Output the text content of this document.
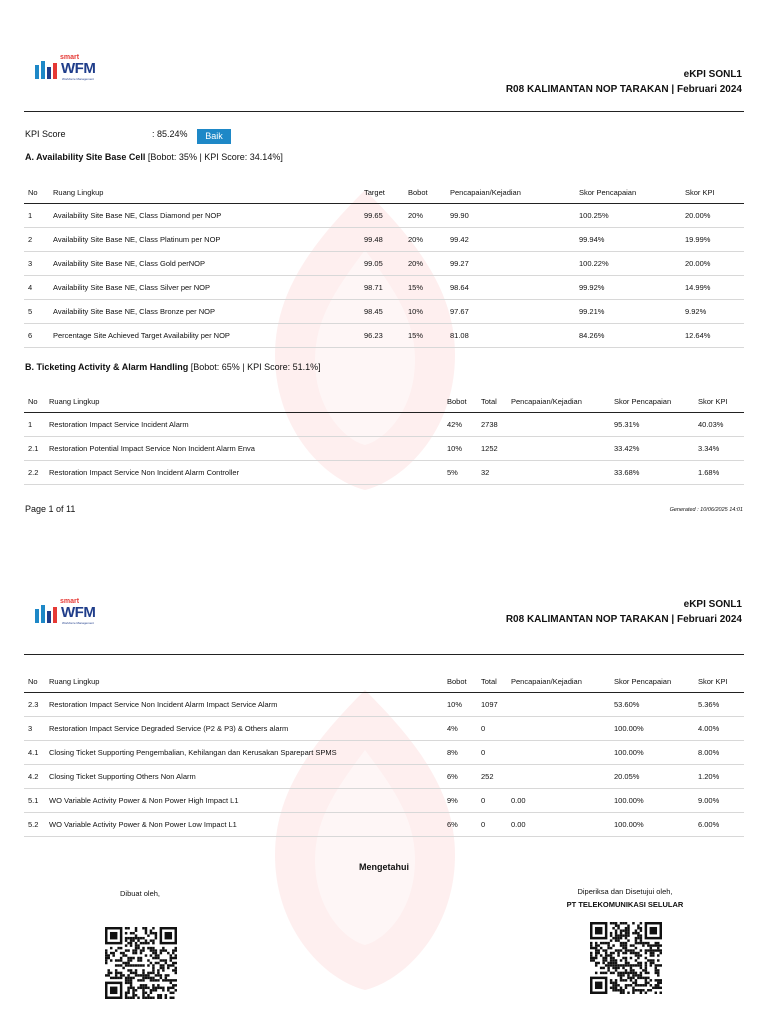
smart
WFM
Workforce Management	eKPI SONL1
R08 KALIMANTAN NOP TARAKAN | Februari 2024
KPI Score	: 85.24%	Baik
A. Availability Site Base Cell [Bobot: 35% | KPI Score: 34.14%]
No	Ruang Lingkup	Target	Bobot	Pencapaian/Kejadian	Skor Pencapaian	Skor KPI
1	Availability Site Base NE, Class Diamond per NOP	99.65	20%	99.90	100.25%	20.00%
2	Availability Site Base NE, Class Platinum per NOP	99.48	20%	99.42	99.94%	19.99%
3	Availability Site Base NE, Class Gold perNOP	99.05	20%	99.27	100.22%	20.00%
4	Availability Site Base NE, Class Silver per NOP	98.71	15%	98.64	99.92%	14.99%
5	Availability Site Base NE, Class Bronze per NOP	98.45	10%	97.67	99.21%	9.92%
6	Percentage Site Achieved Target Availability per NOP	96.23	15%	81.08	84.26%	12.64%
B. Ticketing Activity & Alarm Handling [Bobot: 65% | KPI Score: 51.1%]
No	Ruang Lingkup	Bobot	Total	Pencapaian/Kejadian	Skor Pencapaian	Skor KPI
1	Restoration Impact Service Incident Alarm	42%	2738		95.31%	40.03%
2.1	Restoration Potential Impact Service Non Incident Alarm Enva	10%	1252		33.42%	3.34%
2.2	Restoration Impact Service Non Incident Alarm Controller	5%	32		33.68%	1.68%
Page 1 of 11	Generated : 10/06/2025 14:01
smart
WFM
Workforce Management
eKPI SONL1
R08 KALIMANTAN NOP TARAKAN | Februari 2024
No	Ruang Lingkup	Bobot	Total	Pencapaian/Kejadian	Skor Pencapaian	Skor KPI
2.3	Restoration Impact Service Non Incident Alarm Impact Service Alarm	10%	1097		53.60%	5.36%
3	Restoration Impact Service Degraded Service (P2 & P3) & Others alarm	4%	0		100.00%	4.00%
4.1	Closing Ticket Supporting Pengembalian, Kehilangan dan Kerusakan Sparepart SPMS	8%	0		100.00%	8.00%
4.2	Closing Ticket Supporting Others Non Alarm	6%	252		20.05%	1.20%
5.1	WO Variable Activity Power & Non Power High Impact L1	9%	0	0.00	100.00%	9.00%
5.2	WO Variable Activity Power & Non Power Low Impact L1	6%	0	0.00	100.00%	6.00%
Mengetahui
Dibuat oleh,	Diperiksa dan Disetujui oleh,
PT TELEKOMUNIKASI SELULAR
